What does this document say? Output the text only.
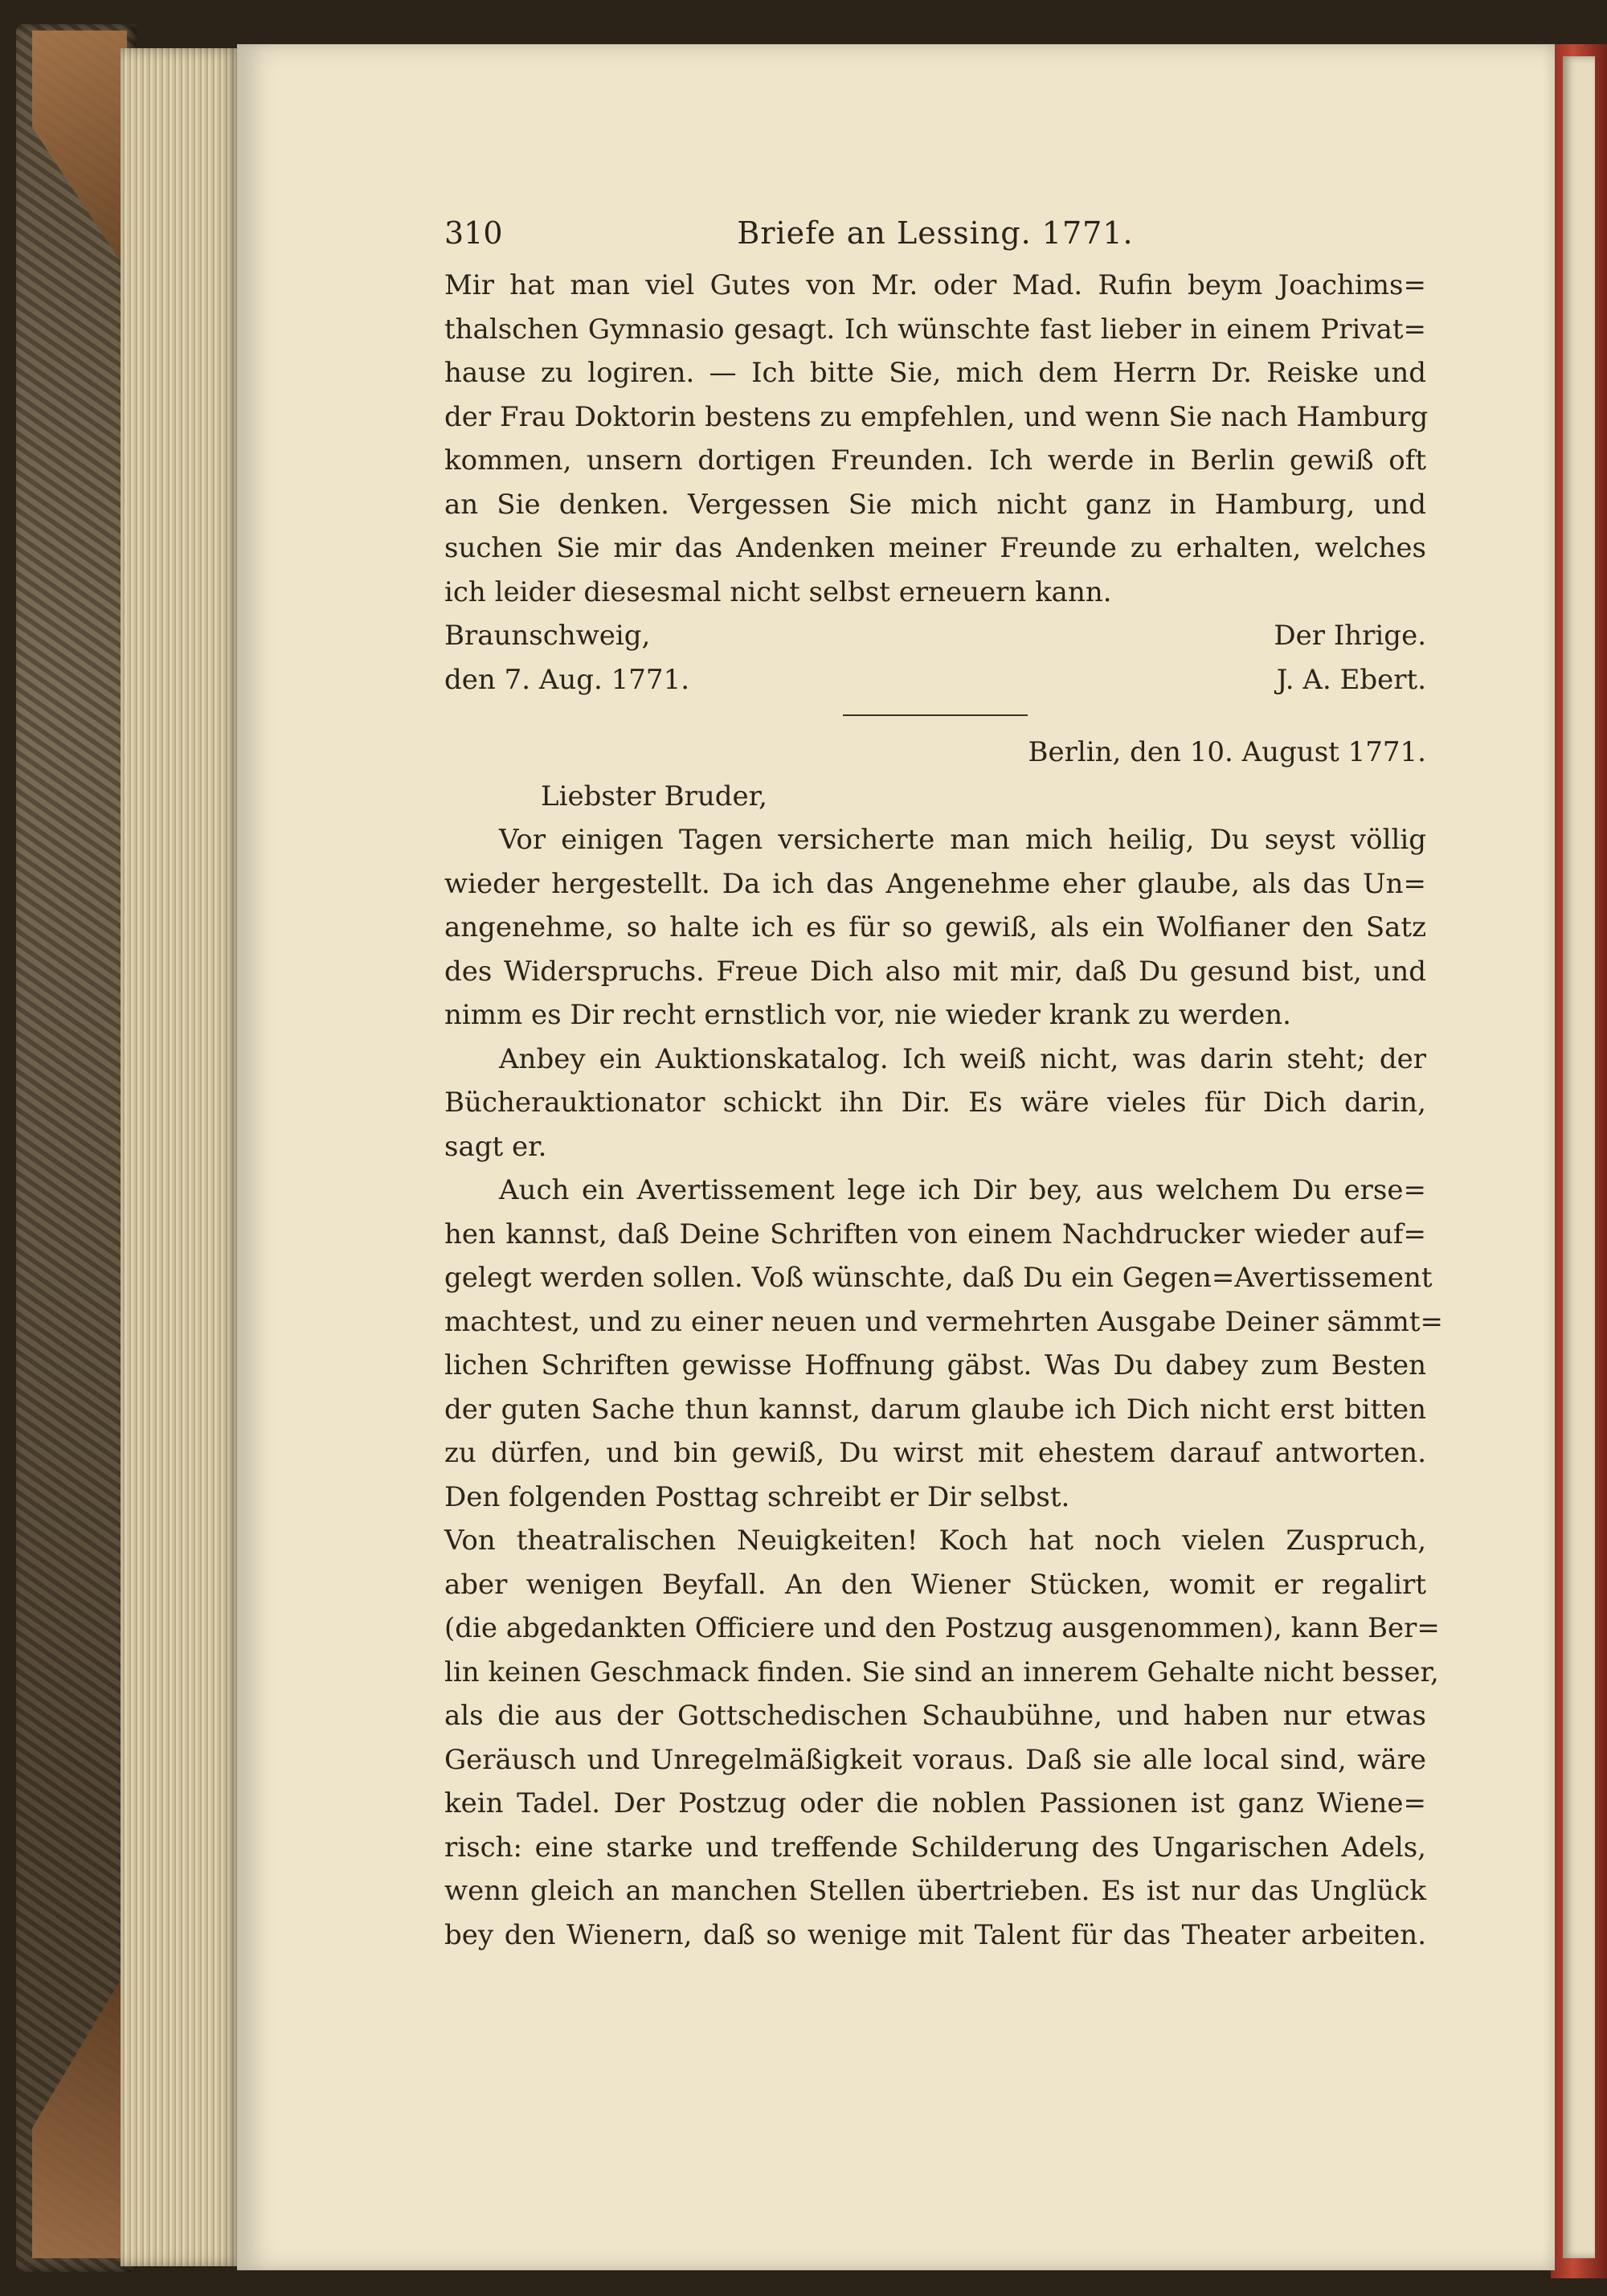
310	Briefe an Lessing. 1771.
Mir hat man viel Gutes von Mr. oder Mad. Rufin beym Joachims=
thalschen Gymnasio gesagt. Ich wünschte fast lieber in einem Privat=
hause zu logiren. — Ich bitte Sie, mich dem Herrn Dr. Reiske und
der Frau Doktorin bestens zu empfehlen, und wenn Sie nach Hamburg
kommen, unsern dortigen Freunden. Ich werde in Berlin gewiß oft
an Sie denken. Vergessen Sie mich nicht ganz in Hamburg, und
suchen Sie mir das Andenken meiner Freunde zu erhalten, welches
ich leider diesesmal nicht selbst erneuern kann.
Braunschweig,	Der Ihrige.
den 7. Aug. 1771.	J. A. Ebert.
Berlin, den 10. August 1771.
Liebster Bruder,
Vor einigen Tagen versicherte man mich heilig, Du seyst völlig
wieder hergestellt. Da ich das Angenehme eher glaube, als das Un=
angenehme, so halte ich es für so gewiß, als ein Wolfianer den Satz
des Widerspruchs. Freue Dich also mit mir, daß Du gesund bist, und
nimm es Dir recht ernstlich vor, nie wieder krank zu werden.
Anbey ein Auktionskatalog. Ich weiß nicht, was darin steht; der
Bücherauktionator schickt ihn Dir. Es wäre vieles für Dich darin,
sagt er.
Auch ein Avertissement lege ich Dir bey, aus welchem Du erse=
hen kannst, daß Deine Schriften von einem Nachdrucker wieder auf=
gelegt werden sollen. Voß wünschte, daß Du ein Gegen=Avertissement
machtest, und zu einer neuen und vermehrten Ausgabe Deiner sämmt=
lichen Schriften gewisse Hoffnung gäbst. Was Du dabey zum Besten
der guten Sache thun kannst, darum glaube ich Dich nicht erst bitten
zu dürfen, und bin gewiß, Du wirst mit ehestem darauf antworten.
Den folgenden Posttag schreibt er Dir selbst.
Von theatralischen Neuigkeiten! Koch hat noch vielen Zuspruch,
aber wenigen Beyfall. An den Wiener Stücken, womit er regalirt
(die abgedankten Officiere und den Postzug ausgenommen), kann Ber=
lin keinen Geschmack finden. Sie sind an innerem Gehalte nicht besser,
als die aus der Gottschedischen Schaubühne, und haben nur etwas
Geräusch und Unregelmäßigkeit voraus. Daß sie alle local sind, wäre
kein Tadel. Der Postzug oder die noblen Passionen ist ganz Wiene=
risch: eine starke und treffende Schilderung des Ungarischen Adels,
wenn gleich an manchen Stellen übertrieben. Es ist nur das Unglück
bey den Wienern, daß so wenige mit Talent für das Theater arbeiten.
